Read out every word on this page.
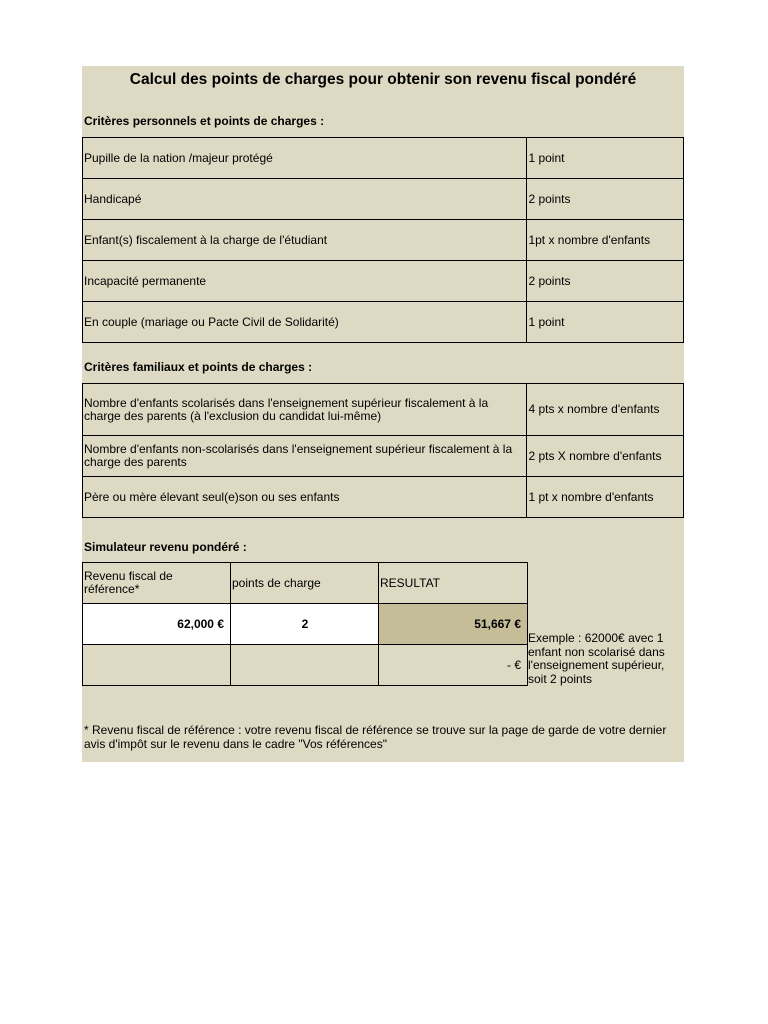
Calcul des points de charges pour obtenir son revenu fiscal pondéré
Critères personnels et points de charges :
Pupille de la nation /majeur protégé	1 point
Handicapé	2 points
Enfant(s) fiscalement à la charge de l'étudiant	1pt x nombre d'enfants
Incapacité permanente	2 points
En couple (mariage ou Pacte Civil de Solidarité)	1 point
Critères familiaux et points de charges :
Nombre d'enfants scolarisés dans l'enseignement supérieur fiscalement à la charge des parents (à l'exclusion du candidat lui-même)	4 pts x nombre d'enfants
Nombre d'enfants non-scolarisés dans l'enseignement supérieur fiscalement à la charge des parents	2 pts X nombre d'enfants
Père ou mère élevant seul(e)son ou ses enfants	1 pt x nombre d'enfants
Simulateur revenu pondéré :
Revenu fiscal de référence*	points de charge	RESULTAT
62,000 €	2	51,667 €
		- €
Exemple : 62000€ avec 1 enfant non scolarisé dans l'enseignement supérieur, soit 2 points
* Revenu fiscal de référence : votre revenu fiscal de référence se trouve sur la page de garde de votre dernier avis d'impôt sur le revenu dans le cadre "Vos références"
